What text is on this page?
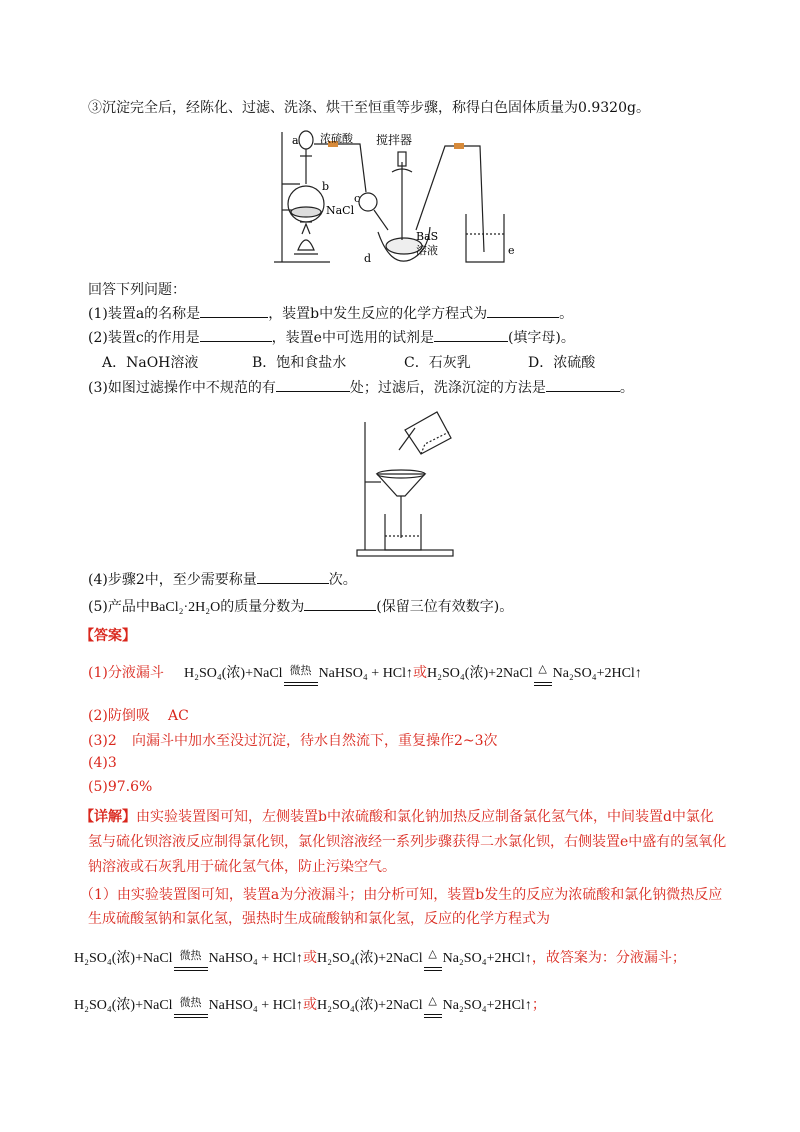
③沉淀完全后，经陈化、过滤、洗涤、烘干至恒重等步骤，称得白色固体质量为0.9320g。
a 浓硫酸 搅拌器
b
NaCl
c
BaS
溶液
d
e
回答下列问题：
(1)装置a的名称是	，装置b中发生反应的化学方程式为	。
(2)装置c的作用是	，装置e中可选用的试剂是	(填字母)。
A．NaOH溶液	B．饱和食盐水	C．石灰乳	D．浓硫酸
(3)如图过滤操作中不规范的有	处；过滤后，洗涤沉淀的方法是	。
(4)步骤2中，至少需要称量	次。
(5)产品中BaCl₂·2H₂O的质量分数为	(保留三位有效数字)。
【答案】
(1)分液漏斗 H₂SO₄(浓)+NaCl 微热 NaHSO₄ + HCl↑或H₂SO₄(浓)+2NaCl △ Na₂SO₄+2HCl↑
(2)防倒吸 AC
(3)2 向漏斗中加水至没过沉淀，待水自然流下，重复操作2~3次
(4)3
(5)97.6%
【详解】由实验装置图可知，左侧装置b中浓硫酸和氯化钠加热反应制备氯化氢气体，中间装置d中氯化
氢与硫化钡溶液反应制得氯化钡，氯化钡溶液经一系列步骤获得二水氯化钡，右侧装置e中盛有的氢氧化
钠溶液或石灰乳用于硫化氢气体，防止污染空气。
（1）由实验装置图可知，装置a为分液漏斗；由分析可知，装置b发生的反应为浓硫酸和氯化钠微热反应
生成硫酸氢钠和氯化氢，强热时生成硫酸钠和氯化氢，反应的化学方程式为
H₂SO₄(浓)+NaCl 微热 NaHSO₄ + HCl↑或H₂SO₄(浓)+2NaCl △ Na₂SO₄+2HCl↑，故答案为：分液漏斗；
H₂SO₄(浓)+NaCl 微热 NaHSO₄ + HCl↑或H₂SO₄(浓)+2NaCl △ Na₂SO₄+2HCl↑；
